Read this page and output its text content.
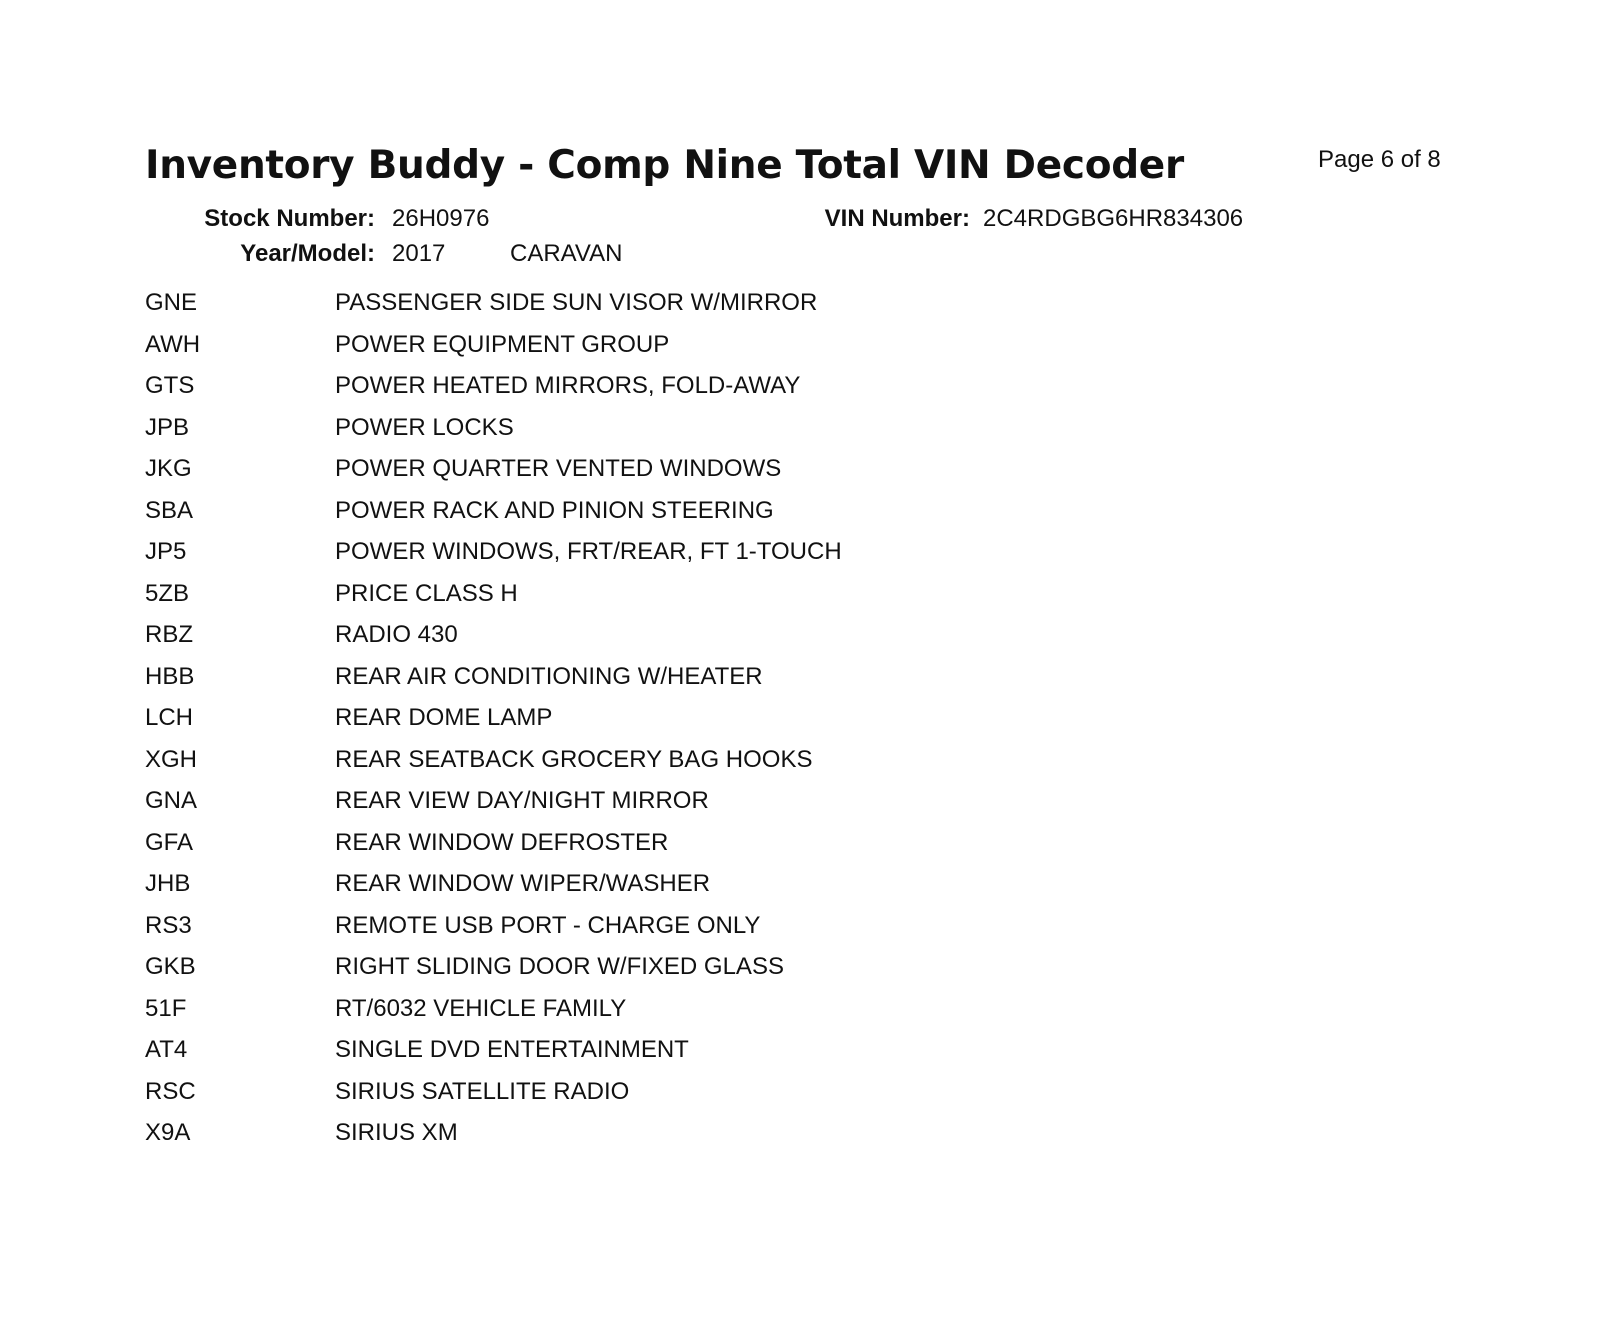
Inventory Buddy - Comp Nine Total VIN Decoder	Page 6 of 8
Stock Number: 26H0976	VIN Number: 2C4RDGBG6HR834306
Year/Model: 2017	CARAVAN
GNE	PASSENGER SIDE SUN VISOR W/MIRROR
AWH	POWER EQUIPMENT GROUP
GTS	POWER HEATED MIRRORS, FOLD-AWAY
JPB	POWER LOCKS
JKG	POWER QUARTER VENTED WINDOWS
SBA	POWER RACK AND PINION STEERING
JP5	POWER WINDOWS, FRT/REAR, FT 1-TOUCH
5ZB	PRICE CLASS H
RBZ	RADIO 430
HBB	REAR AIR CONDITIONING W/HEATER
LCH	REAR DOME LAMP
XGH	REAR SEATBACK GROCERY BAG HOOKS
GNA	REAR VIEW DAY/NIGHT MIRROR
GFA	REAR WINDOW DEFROSTER
JHB	REAR WINDOW WIPER/WASHER
RS3	REMOTE USB PORT - CHARGE ONLY
GKB	RIGHT SLIDING DOOR W/FIXED GLASS
51F	RT/6032 VEHICLE FAMILY
AT4	SINGLE DVD ENTERTAINMENT
RSC	SIRIUS SATELLITE RADIO
X9A	SIRIUS XM
